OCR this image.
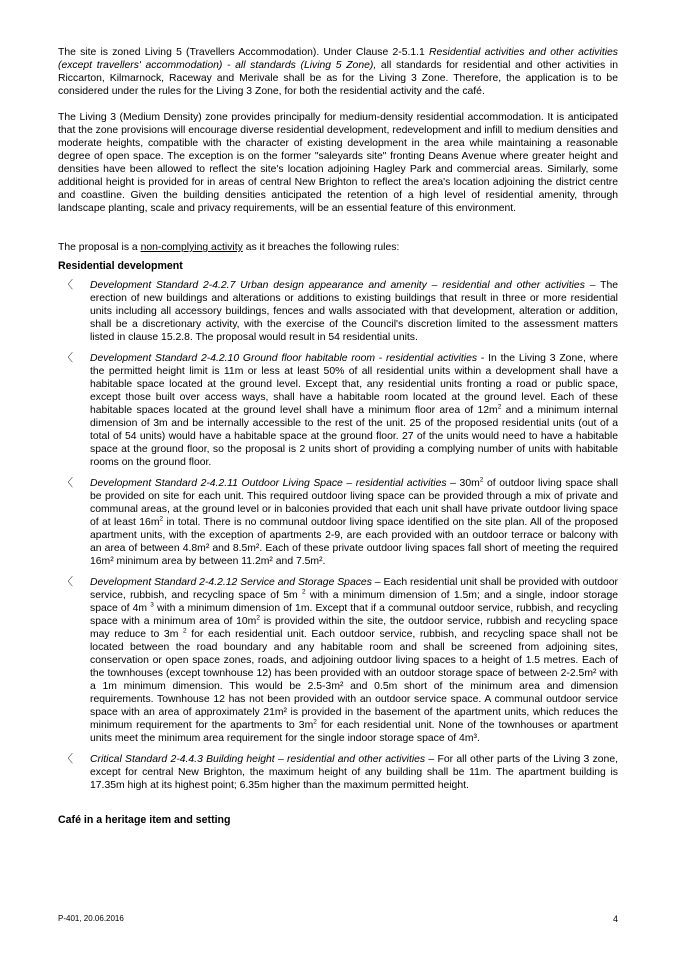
The site is zoned Living 5 (Travellers Accommodation). Under Clause 2-5.1.1 Residential activities and other activities (except travellers' accommodation) - all standards (Living 5 Zone), all standards for residential and other activities in Riccarton, Kilmarnock, Raceway and Merivale shall be as for the Living 3 Zone. Therefore, the application is to be considered under the rules for the Living 3 Zone, for both the residential activity and the café.

The Living 3 (Medium Density) zone provides principally for medium-density residential accommodation. It is anticipated that the zone provisions will encourage diverse residential development, redevelopment and infill to medium densities and moderate heights, compatible with the character of existing development in the area while maintaining a reasonable degree of open space. The exception is on the former "saleyards site" fronting Deans Avenue where greater height and densities have been allowed to reflect the site's location adjoining Hagley Park and commercial areas. Similarly, some additional height is provided for in areas of central New Brighton to reflect the area's location adjoining the district centre and coastline. Given the building densities anticipated the retention of a high level of residential amenity, through landscape planting, scale and privacy requirements, will be an essential feature of this environment.

The proposal is a non-complying activity as it breaches the following rules:

Residential development
〈 Development Standard 2-4.2.7 Urban design appearance and amenity – residential and other activities – The erection of new buildings and alterations or additions to existing buildings that result in three or more residential units including all accessory buildings, fences and walls associated with that development, alteration or addition, shall be a discretionary activity, with the exercise of the Council's discretion limited to the assessment matters listed in clause 15.2.8. The proposal would result in 54 residential units.
〈 Development Standard 2-4.2.10 Ground floor habitable room - residential activities - In the Living 3 Zone, where the permitted height limit is 11m or less at least 50% of all residential units within a development shall have a habitable space located at the ground level. Except that, any residential units fronting a road or public space, except those built over access ways, shall have a habitable room located at the ground level. Each of these habitable spaces located at the ground level shall have a minimum floor area of $12m^2$ and a minimum internal dimension of 3m and be internally accessible to the rest of the unit. 25 of the proposed residential units (out of a total of 54 units) would have a habitable space at the ground floor. 27 of the units would need to have a habitable space at the ground floor, so the proposal is 2 units short of providing a complying number of units with habitable rooms on the ground floor.
〈 Development Standard 2-4.2.11 Outdoor Living Space – residential activities – $30m^2$ of outdoor living space shall be provided on site for each unit. This required outdoor living space can be provided through a mix of private and communal areas, at the ground level or in balconies provided that each unit shall have private outdoor living space of at least $16m^2$ in total. There is no communal outdoor living space identified on the site plan. All of the proposed apartment units, with the exception of apartments 2-9, are each provided with an outdoor terrace or balcony with an area of between 4.8m² and 8.5m². Each of these private outdoor living spaces fall short of meeting the required 16m² minimum area by between 11.2m² and 7.5m².
〈 Development Standard 2-4.2.12 Service and Storage Spaces – Each residential unit shall be provided with outdoor service, rubbish, and recycling space of 5m $^2$ with a minimum dimension of 1.5m; and a single, indoor storage space of 4m $^3$ with a minimum dimension of 1m. Except that if a communal outdoor service, rubbish, and recycling space with a minimum area of $10m^2$ is provided within the site, the outdoor service, rubbish and recycling space may reduce to 3m $^2$ for each residential unit. Each outdoor service, rubbish, and recycling space shall not be located between the road boundary and any habitable room and shall be screened from adjoining sites, conservation or open space zones, roads, and adjoining outdoor living spaces to a height of 1.5 metres. Each of the townhouses (except townhouse 12) has been provided with an outdoor storage space of between 2-2.5m² with a 1m minimum dimension. This would be 2.5-3m² and 0.5m short of the minimum area and dimension requirements. Townhouse 12 has not been provided with an outdoor service space. A communal outdoor service space with an area of approximately 21m² is provided in the basement of the apartment units, which reduces the minimum requirement for the apartments to $3m^2$ for each residential unit. None of the townhouses or apartment units meet the minimum area requirement for the single indoor storage space of 4m³.
〈 Critical Standard 2-4.4.3 Building height – residential and other activities – For all other parts of the Living 3 zone, except for central New Brighton, the maximum height of any building shall be 11m. The apartment building is 17.35m high at its highest point; 6.35m higher than the maximum permitted height.
Café in a heritage item and setting
P-401, 20.06.2016	4
